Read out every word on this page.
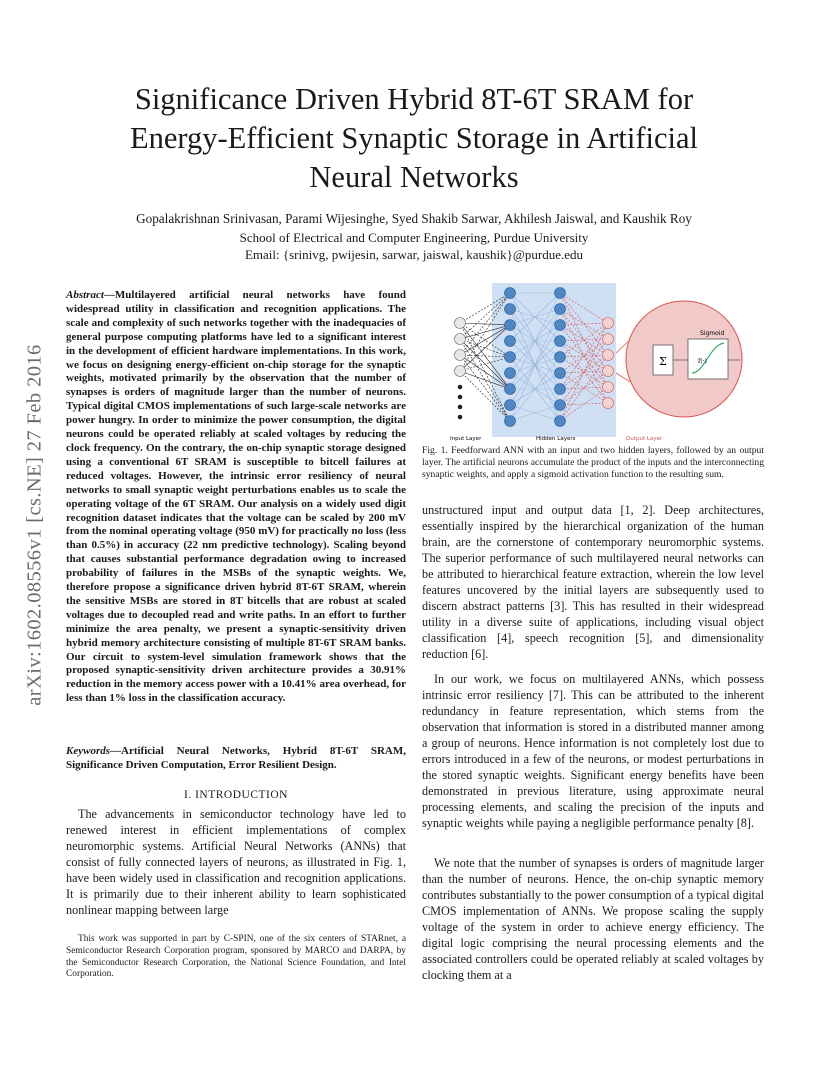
arXiv:1602.08556v1 [cs.NE] 27 Feb 2016
Significance Driven Hybrid 8T-6T SRAM for Energy-Efficient Synaptic Storage in Artificial Neural Networks
Gopalakrishnan Srinivasan, Parami Wijesinghe, Syed Shakib Sarwar, Akhilesh Jaiswal, and Kaushik Roy
School of Electrical and Computer Engineering, Purdue University
Email: {srinivg, pwijesin, sarwar, jaiswal, kaushik}@purdue.edu

Abstract—Multilayered artificial neural networks have found widespread utility in classification and recognition applications. The scale and complexity of such networks together with the inadequacies of general purpose computing platforms have led to a significant interest in the development of efficient hardware implementations. In this work, we focus on designing energy-efficient on-chip storage for the synaptic weights, motivated primarily by the observation that the number of synapses is orders of magnitude larger than the number of neurons. Typical digital CMOS implementations of such large-scale networks are power hungry. In order to minimize the power consumption, the digital neurons could be operated reliably at scaled voltages by reducing the clock frequency. On the contrary, the on-chip synaptic storage designed using a conventional 6T SRAM is susceptible to bitcell failures at reduced voltages. However, the intrinsic error resiliency of neural networks to small synaptic weight perturbations enables us to scale the operating voltage of the 6T SRAM. Our analysis on a widely used digit recognition dataset indicates that the voltage can be scaled by 200 mV from the nominal operating voltage (950 mV) for practically no loss (less than 0.5%) in accuracy (22 nm predictive technology). Scaling beyond that causes substantial performance degradation owing to increased probability of failures in the MSBs of the synaptic weights. We, therefore propose a significance driven hybrid 8T-6T SRAM, wherein the sensitive MSBs are stored in 8T bitcells that are robust at scaled voltages due to decoupled read and write paths. In an effort to further minimize the area penalty, we present a synaptic-sensitivity driven hybrid memory architecture consisting of multiple 8T-6T SRAM banks. Our circuit to system-level simulation framework shows that the proposed synaptic-sensitivity driven architecture provides a 30.91% reduction in the memory access power with a 10.41% area overhead, for less than 1% loss in the classification accuracy.

Keywords—Artificial Neural Networks, Hybrid 8T-6T SRAM, Significance Driven Computation, Error Resilient Design.

I. INTRODUCTION

The advancements in semiconductor technology have led to renewed interest in efficient implementations of complex neuromorphic systems. Artificial Neural Networks (ANNs) that consist of fully connected layers of neurons, as illustrated in Fig. 1, have been widely used in classification and recognition applications. It is primarily due to their inherent ability to learn sophisticated nonlinear mapping between large

This work was supported in part by C-SPIN, one of the six centers of STARnet, a Semiconductor Research Corporation program, sponsored by MARCO and DARPA, by the Semiconductor Research Corporation, the National Science Foundation, and Intel Corporation.

Σ
Sigmoid
f(·)
Input Layer	Hidden Layers	Output Layer

Fig. 1. Feedforward ANN with an input and two hidden layers, followed by an output layer. The artificial neurons accumulate the product of the inputs and the interconnecting synaptic weights, and apply a sigmoid activation function to the resulting sum.

unstructured input and output data [1, 2]. Deep architectures, essentially inspired by the hierarchical organization of the human brain, are the cornerstone of contemporary neuromorphic systems. The superior performance of such multilayered neural networks can be attributed to hierarchical feature extraction, wherein the low level features uncovered by the initial layers are subsequently used to discern abstract patterns [3]. This has resulted in their widespread utility in a diverse suite of applications, including visual object classification [4], speech recognition [5], and dimensionality reduction [6].

In our work, we focus on multilayered ANNs, which possess intrinsic error resiliency [7]. This can be attributed to the inherent redundancy in feature representation, which stems from the observation that information is stored in a distributed manner among a group of neurons. Hence information is not completely lost due to errors introduced in a few of the neurons, or modest perturbations in the stored synaptic weights. Significant energy benefits have been demonstrated in previous literature, using approximate neural processing elements, and scaling the precision of the inputs and synaptic weights while paying a negligible performance penalty [8].

We note that the number of synapses is orders of magnitude larger than the number of neurons. Hence, the on-chip synaptic memory contributes substantially to the power consumption of a typical digital CMOS implementation of ANNs. We propose scaling the supply voltage of the system in order to achieve energy efficiency. The digital logic comprising the neural processing elements and the associated controllers could be operated reliably at scaled voltages by clocking them at a
